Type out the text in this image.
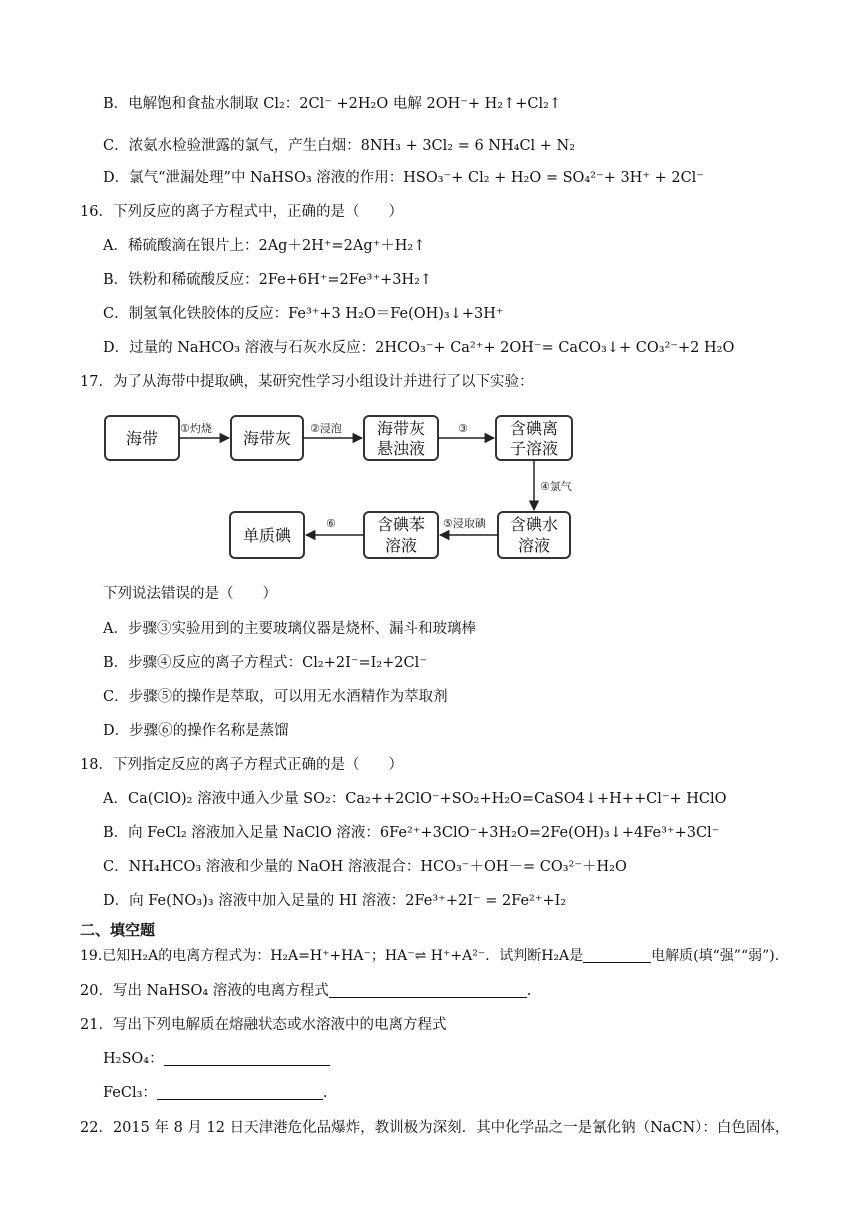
B．电解饱和食盐水制取 Cl₂：2Cl⁻ +2H₂O 电解 2OH⁻+ H₂↑+Cl₂↑
C．浓氨水检验泄露的氯气，产生白烟：8NH₃ + 3Cl₂ = 6 NH₄Cl + N₂
D．氯气“泄漏处理”中 NaHSO₃ 溶液的作用：HSO₃⁻+ Cl₂ + H₂O = SO₄²⁻+ 3H⁺ + 2Cl⁻
16．下列反应的离子方程式中，正确的是（　　）
A．稀硫酸滴在银片上：2Ag＋2H⁺=2Ag⁺＋H₂↑
B．铁粉和稀硫酸反应：2Fe+6H⁺=2Fe³⁺+3H₂↑
C．制氢氧化铁胶体的反应：Fe³⁺+3 H₂O＝Fe(OH)₃↓+3H⁺
D．过量的 NaHCO₃ 溶液与石灰水反应：2HCO₃⁻+ Ca²⁺+ 2OH⁻= CaCO₃↓+ CO₃²⁻+2 H₂O
17．为了从海带中提取碘，某研究性学习小组设计并进行了以下实验：
海带	海带灰
海带灰
悬浊液
含碘离
子溶液
含碘水
溶液
含碘苯
溶液
单质碘
①灼烧	②浸泡	③
④氯气
⑤浸取碘
⑥
下列说法错误的是（　　）
A．步骤③实验用到的主要玻璃仪器是烧杯、漏斗和玻璃棒
B．步骤④反应的离子方程式：Cl₂+2I⁻=I₂+2Cl⁻
C．步骤⑤的操作是萃取，可以用无水酒精作为萃取剂
D．步骤⑥的操作名称是蒸馏
18．下列指定反应的离子方程式正确的是（　　）
A．Ca(ClO)₂ 溶液中通入少量 SO₂：Ca₂++2ClO⁻+SO₂+H₂O=CaSO4↓+H++Cl⁻+ HClO
B．向 FeCl₂ 溶液加入足量 NaClO 溶液：6Fe²⁺+3ClO⁻+3H₂O=2Fe(OH)₃↓+4Fe³⁺+3Cl⁻
C．NH₄HCO₃ 溶液和少量的 NaOH 溶液混合：HCO₃⁻＋OH－= CO₃²⁻＋H₂O
D．向 Fe(NO₃)₃ 溶液中加入足量的 HI 溶液：2Fe³⁺+2I⁻ = 2Fe²⁺+I₂
二、填空题
19.已知H₂A的电离方程式为：H₂A=H⁺+HA⁻；HA⁻⇌ H⁺+A²⁻．试判断H₂A是	电解质(填“强”“弱”).
20．写出 NaHSO₄ 溶液的电离方程式	.
21．写出下列电解质在熔融状态或水溶液中的电离方程式
H₂SO₄：
FeCl₃：	.
22．2015 年 8 月 12 日天津港危化品爆炸，教训极为深刻．其中化学品之一是氰化钠（NaCN）：白色固体，
